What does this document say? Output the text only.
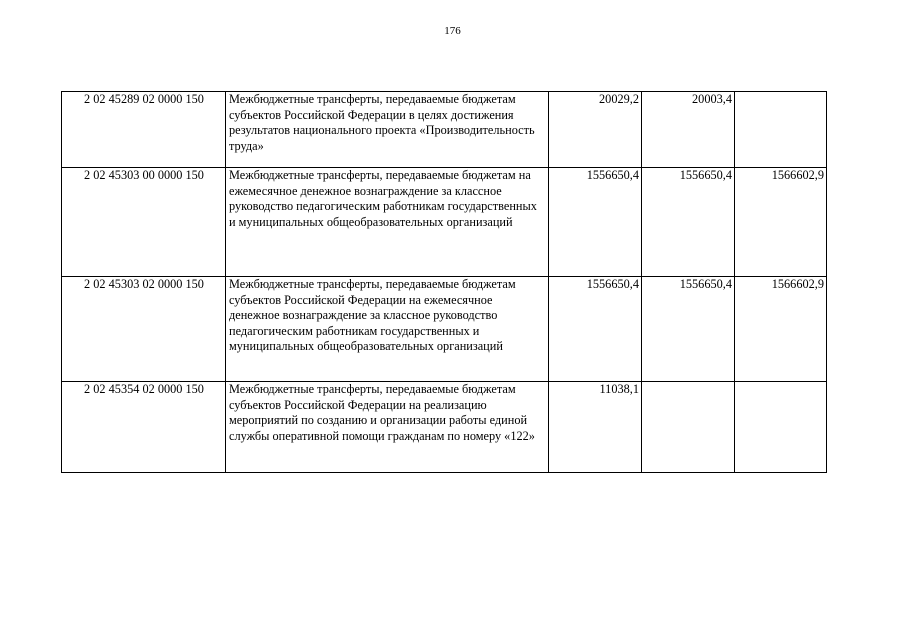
176
2 02 45289 02 0000 150	Межбюджетные трансферты, передаваемые бюджетам субъектов Российской Федерации в целях достижения результатов национального проекта «Производительность труда»	20029,2	20003,4	
2 02 45303 00 0000 150	Межбюджетные трансферты, передаваемые бюджетам на ежемесячное денежное вознаграждение за классное руководство педагогическим работникам государственных и муниципальных общеобразовательных организаций	1556650,4	1556650,4	1566602,9
2 02 45303 02 0000 150	Межбюджетные трансферты, передаваемые бюджетам субъектов Российской Федерации на ежемесячное денежное вознаграждение за классное руководство педагогическим работникам государственных и муниципальных общеобразовательных организаций	1556650,4	1556650,4	1566602,9
2 02 45354 02 0000 150	Межбюджетные трансферты, передаваемые бюджетам субъектов Российской Федерации на реализацию мероприятий по созданию и организации работы единой службы оперативной помощи гражданам по номеру «122»	11038,1		
